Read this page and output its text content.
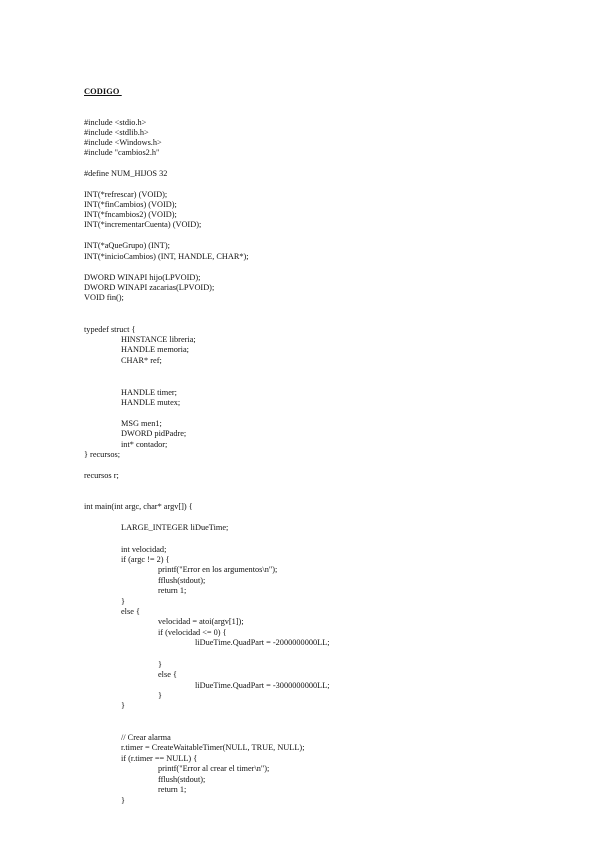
CODIGO
#include <stdio.h>
#include <stdlib.h>
#include <Windows.h>
#include "cambios2.h"
#define NUM_HIJOS 32
INT(*refrescar) (VOID);
INT(*finCambios) (VOID);
INT(*fncambios2) (VOID);
INT(*incrementarCuenta) (VOID);
INT(*aQueGrupo) (INT);
INT(*inicioCambios) (INT, HANDLE, CHAR*);
DWORD WINAPI hijo(LPVOID);
DWORD WINAPI zacarias(LPVOID);
VOID fin();
typedef struct {
HINSTANCE libreria;
HANDLE memoria;
CHAR* ref;
HANDLE timer;
HANDLE mutex;
MSG men1;
DWORD pidPadre;
int* contador;
} recursos;
recursos r;
int main(int argc, char* argv[]) {
LARGE_INTEGER liDueTime;
int velocidad;
if (argc != 2) {
printf("Error en los argumentos\n");
fflush(stdout);
return 1;
}
else {
velocidad = atoi(argv[1]);
if (velocidad <= 0) {
liDueTime.QuadPart = -2000000000LL;
}
else {
liDueTime.QuadPart = -3000000000LL;
}
}
// Crear alarma
r.timer = CreateWaitableTimer(NULL, TRUE, NULL);
if (r.timer == NULL) {
printf("Error al crear el timer\n");
fflush(stdout);
return 1;
}
